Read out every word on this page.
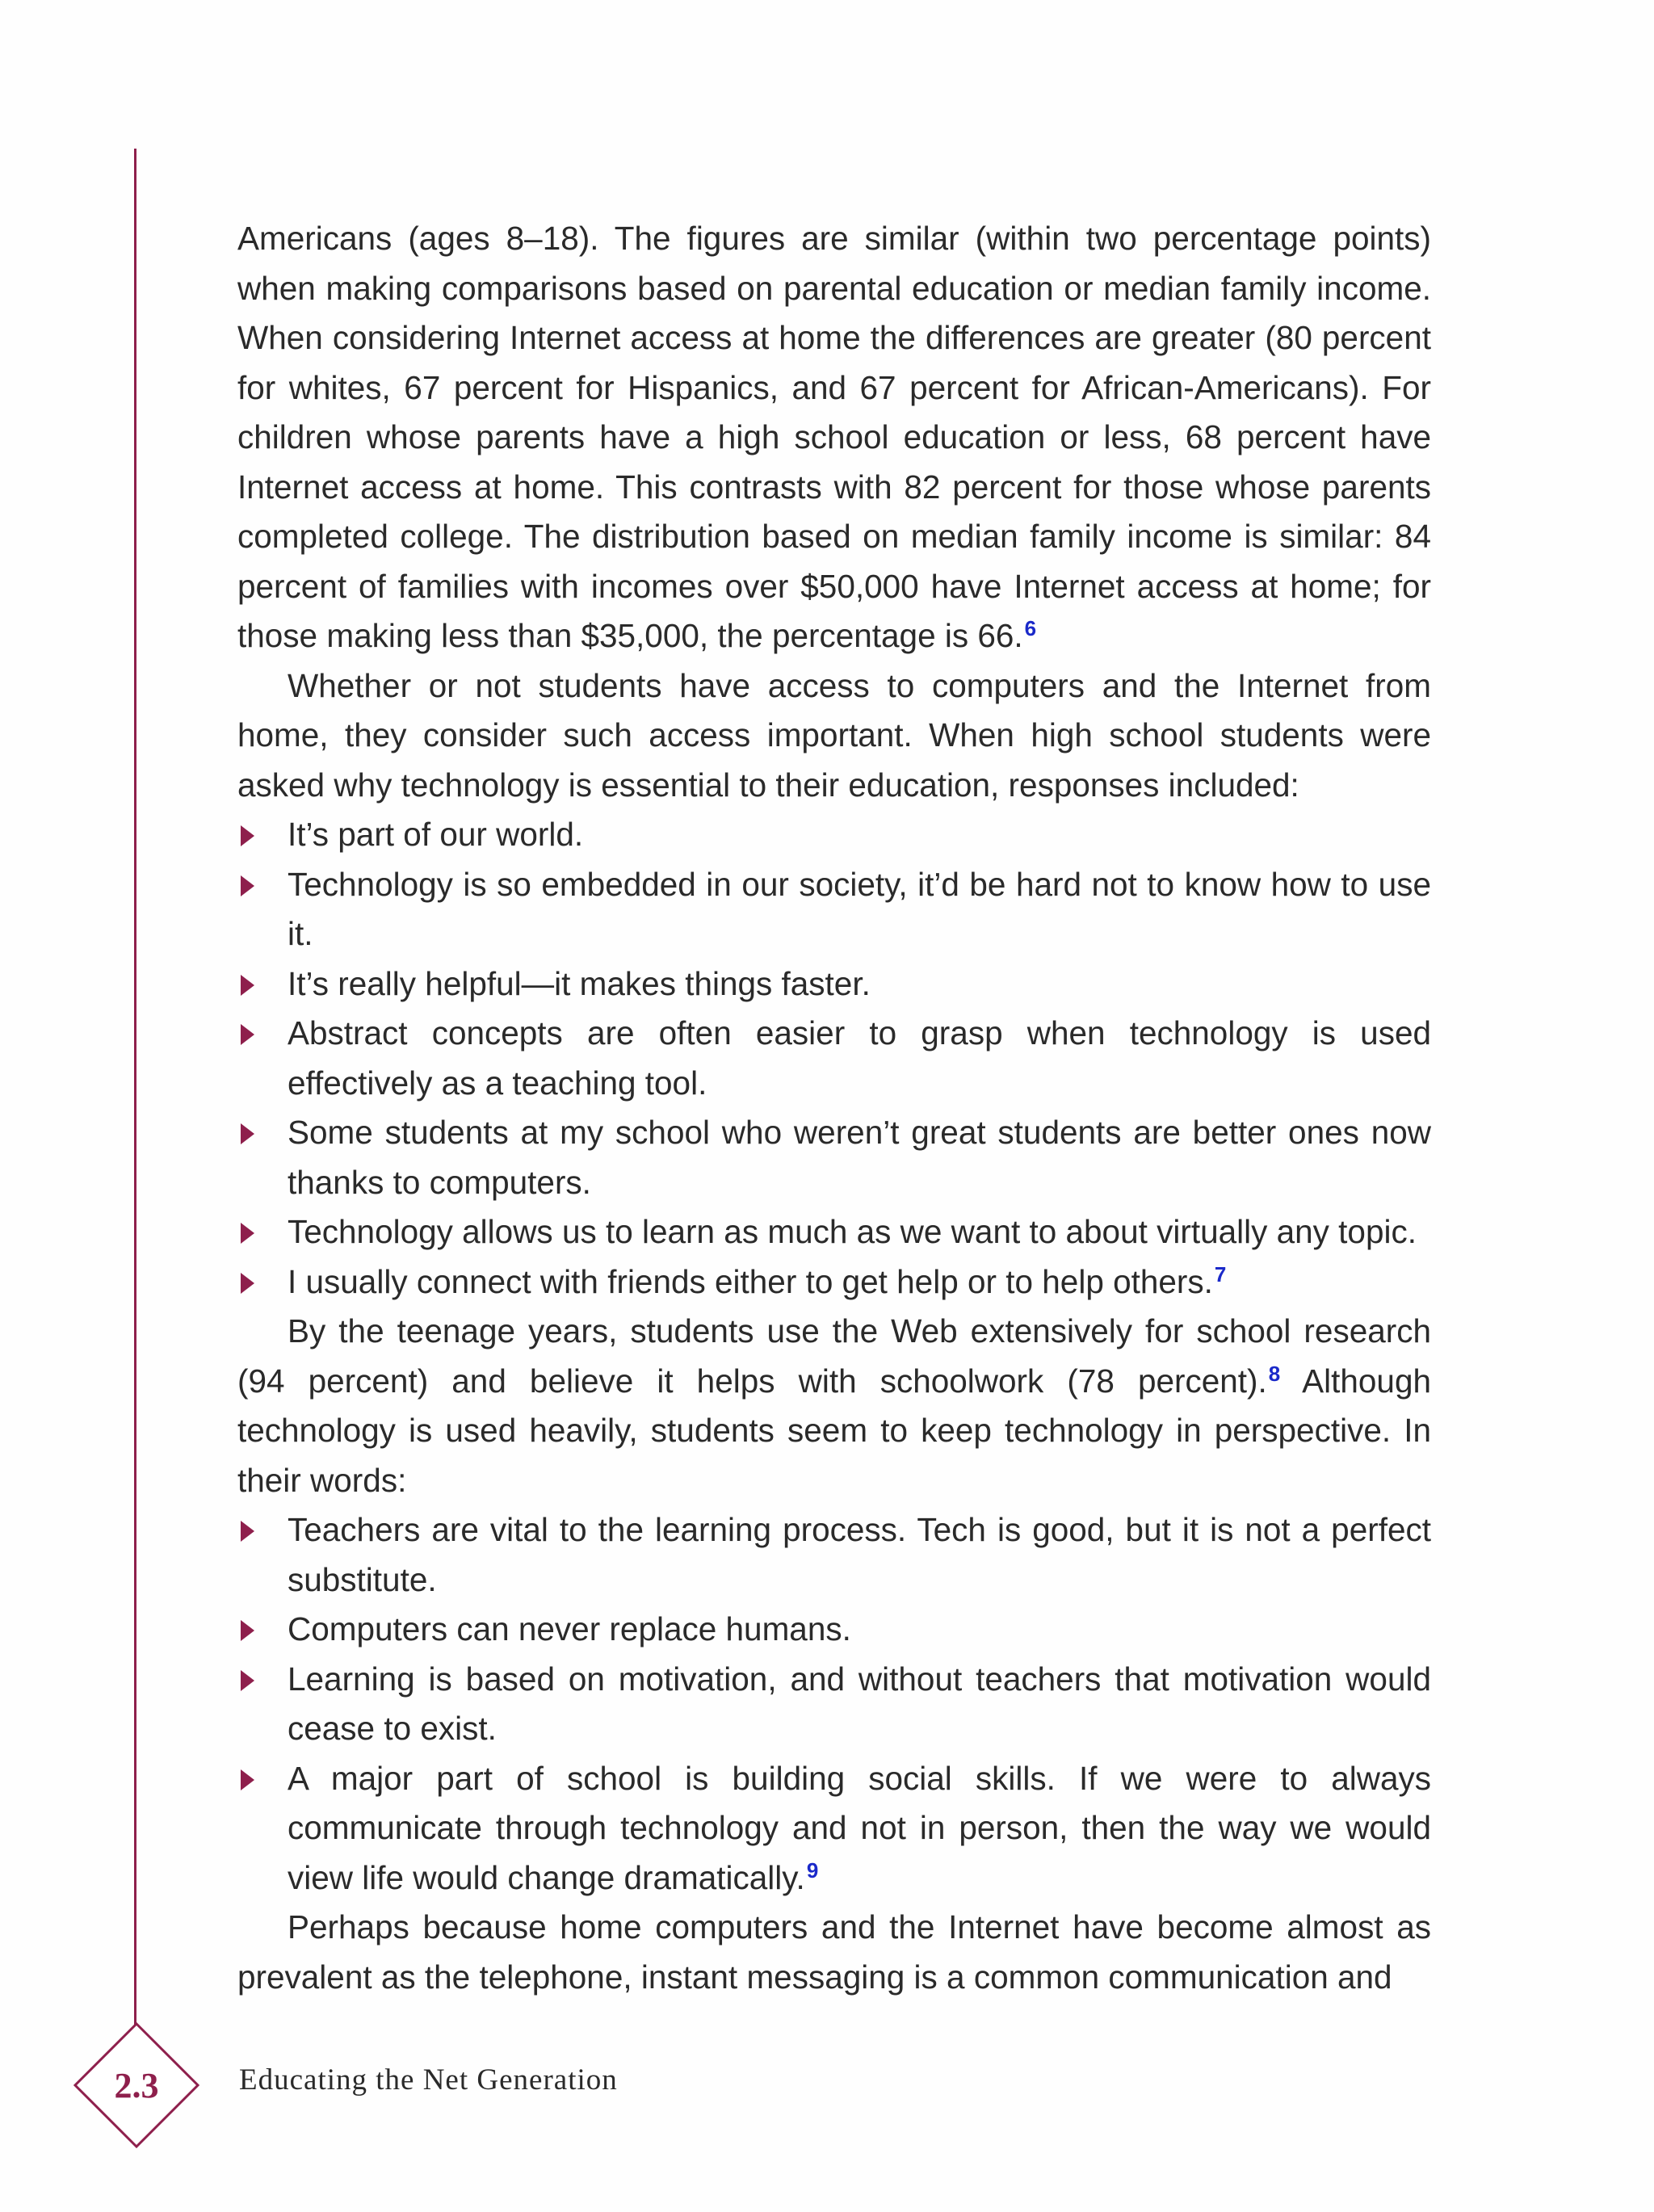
Americans (ages 8–18). The figures are similar (within two percentage points) when making comparisons based on parental education or median family income. When considering Internet access at home the differences are greater (80 percent for whites, 67 percent for Hispanics, and 67 percent for African-Americans). For children whose parents have a high school education or less, 68 percent have Internet access at home. This contrasts with 82 percent for those whose parents completed college. The distribution based on median family income is similar: 84 percent of families with incomes over $50,000 have Internet access at home; for those making less than $35,000, the percentage is 66.$^6$

Whether or not students have access to computers and the Internet from home, they consider such access important. When high school students were asked why technology is essential to their education, responses included:

It’s part of our world.
Technology is so embedded in our society, it’d be hard not to know how to use it.
It’s really helpful—it makes things faster.
Abstract concepts are often easier to grasp when technology is used effectively as a teaching tool.
Some students at my school who weren’t great students are better ones now thanks to computers.
Technology allows us to learn as much as we want to about virtually any topic.
I usually connect with friends either to get help or to help others.$^7$

By the teenage years, students use the Web extensively for school research (94 percent) and believe it helps with schoolwork (78 percent).$^8$ Although technology is used heavily, students seem to keep technology in perspective. In their words:

Teachers are vital to the learning process. Tech is good, but it is not a perfect substitute.
Computers can never replace humans.
Learning is based on motivation, and without teachers that motivation would cease to exist.
A major part of school is building social skills. If we were to always communicate through technology and not in person, then the way we would view life would change dramatically.$^9$

Perhaps because home computers and the Internet have become almost as prevalent as the telephone, instant messaging is a common communication and

2.3	Educating the Net Generation
